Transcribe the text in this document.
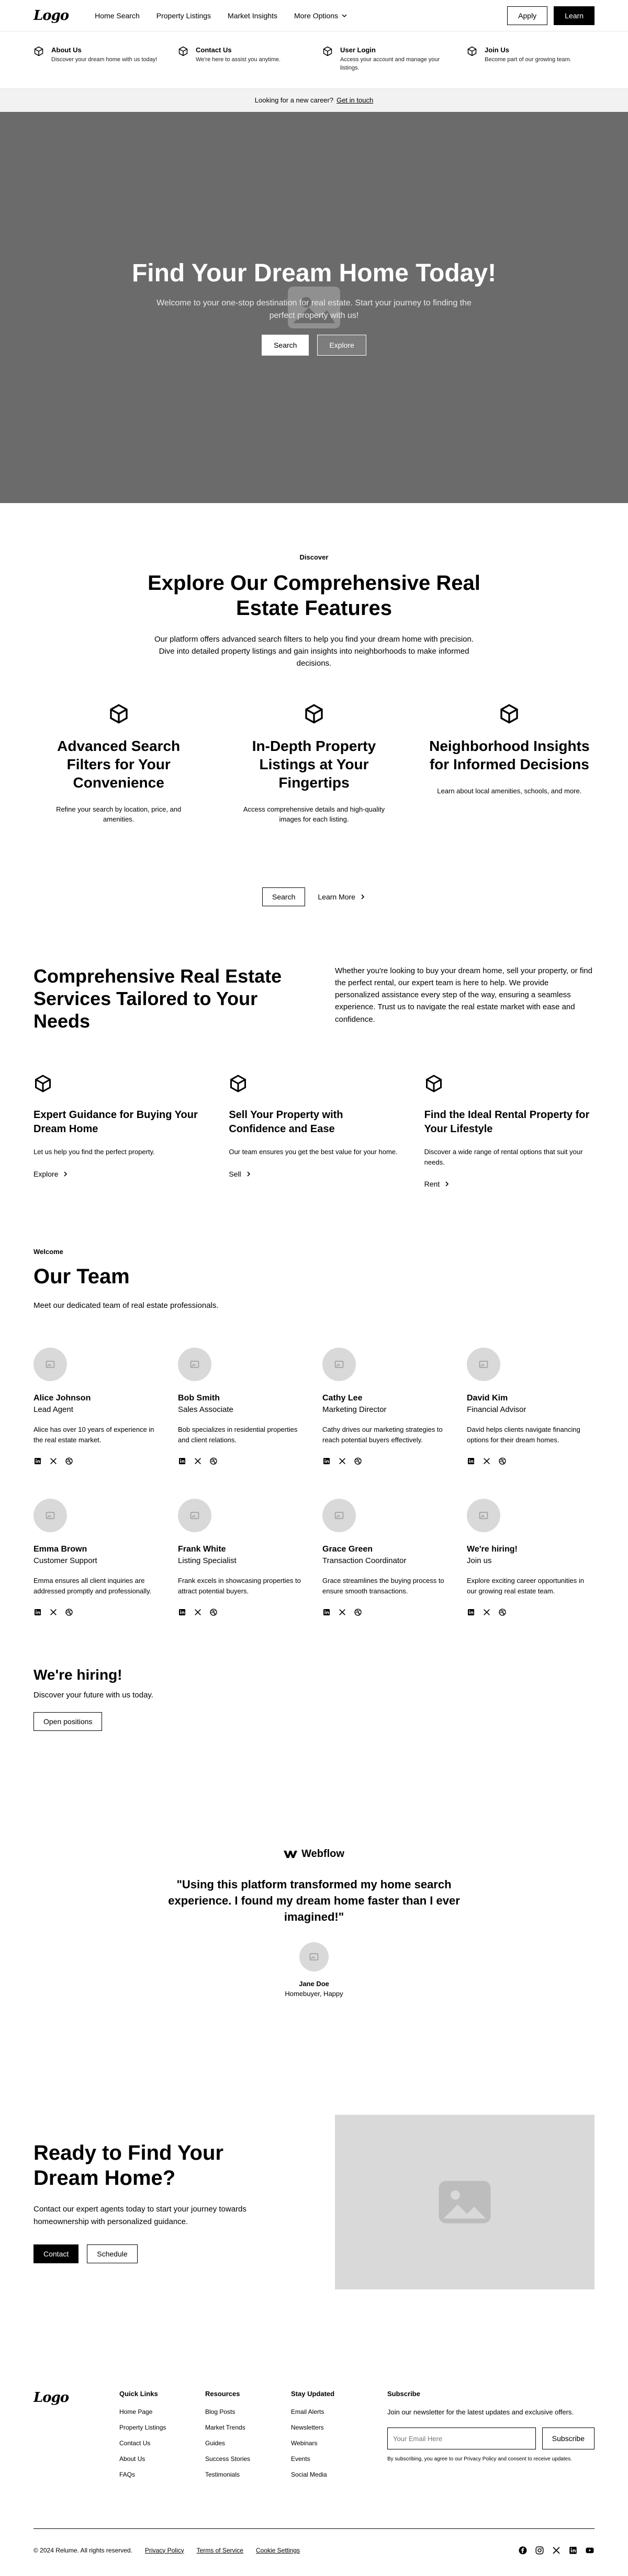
Logo	Home Search Property Listings Market Insights More Options	Apply	Learn
About Us

Discover your dream home with us today!

Contact Us

We're here to assist you anytime.

User Login

Access your account and manage your listings.

Join Us

Become part of our growing team.

Looking for a new career? Get in touch
Find Your Dream Home Today!

Welcome to your one-stop destination for real estate. Start your journey to finding the perfect property with us!

Search	Explore
Discover
Explore Our Comprehensive Real Estate Features

Our platform offers advanced search filters to help you find your dream home with precision. Dive into detailed property listings and gain insights into neighborhoods to make informed decisions.

Advanced Search Filters for Your Convenience

Refine your search by location, price, and amenities.

In-Depth Property Listings at Your Fingertips

Access comprehensive details and high-quality images for each listing.

Neighborhood Insights for Informed Decisions

Learn about local amenities, schools, and more.

Search	Learn More
Comprehensive Real Estate Services Tailored to Your Needs

Whether you're looking to buy your dream home, sell your property, or find the perfect rental, our expert team is here to help. We provide personalized assistance every step of the way, ensuring a seamless experience. Trust us to navigate the real estate market with ease and confidence.

Expert Guidance for Buying Your Dream Home

Let us help you find the perfect property.

Explore
Sell Your Property with Confidence and Ease

Our team ensures you get the best value for your home.

Sell
Find the Ideal Rental Property for Your Lifestyle

Discover a wide range of rental options that suit your needs.

Rent
Welcome
Our Team

Meet our dedicated team of real estate professionals.

Alice Johnson
Lead Agent

Alice has over 10 years of experience in the real estate market.

Bob Smith
Sales Associate

Bob specializes in residential properties and client relations.

Cathy Lee
Marketing Director

Cathy drives our marketing strategies to reach potential buyers effectively.

David Kim
Financial Advisor

David helps clients navigate financing options for their dream homes.

Emma Brown
Customer Support

Emma ensures all client inquiries are addressed promptly and professionally.

Frank White
Listing Specialist

Frank excels in showcasing properties to attract potential buyers.

Grace Green
Transaction Coordinator

Grace streamlines the buying process to ensure smooth transactions.

We're hiring!
Join us

Explore exciting career opportunities in our growing real estate team.

We're hiring!

Discover your future with us today.

Open positions
Webflow
"Using this platform transformed my home search experience. I found my dream home faster than I ever imagined!"
Jane Doe
Homebuyer, Happy
Ready to Find Your Dream Home?

Contact our expert agents today to start your journey towards homeownership with personalized guidance.

Contact	Schedule
Logo	Quick Links
Home Page
Property Listings
Contact Us
About Us
FAQs
Resources
Blog Posts
Market Trends
Guides
Success Stories
Testimonials
Stay Updated
Email Alerts
Newsletters
Webinars
Events
Social Media
Subscribe

Join our newsletter for the latest updates and exclusive offers.

Your Email Here
Subscribe
By subscribing, you agree to our Privacy Policy and consent to receive updates.
© 2024 Relume. All rights reserved. Privacy Policy Terms of Service Cookie Settings
